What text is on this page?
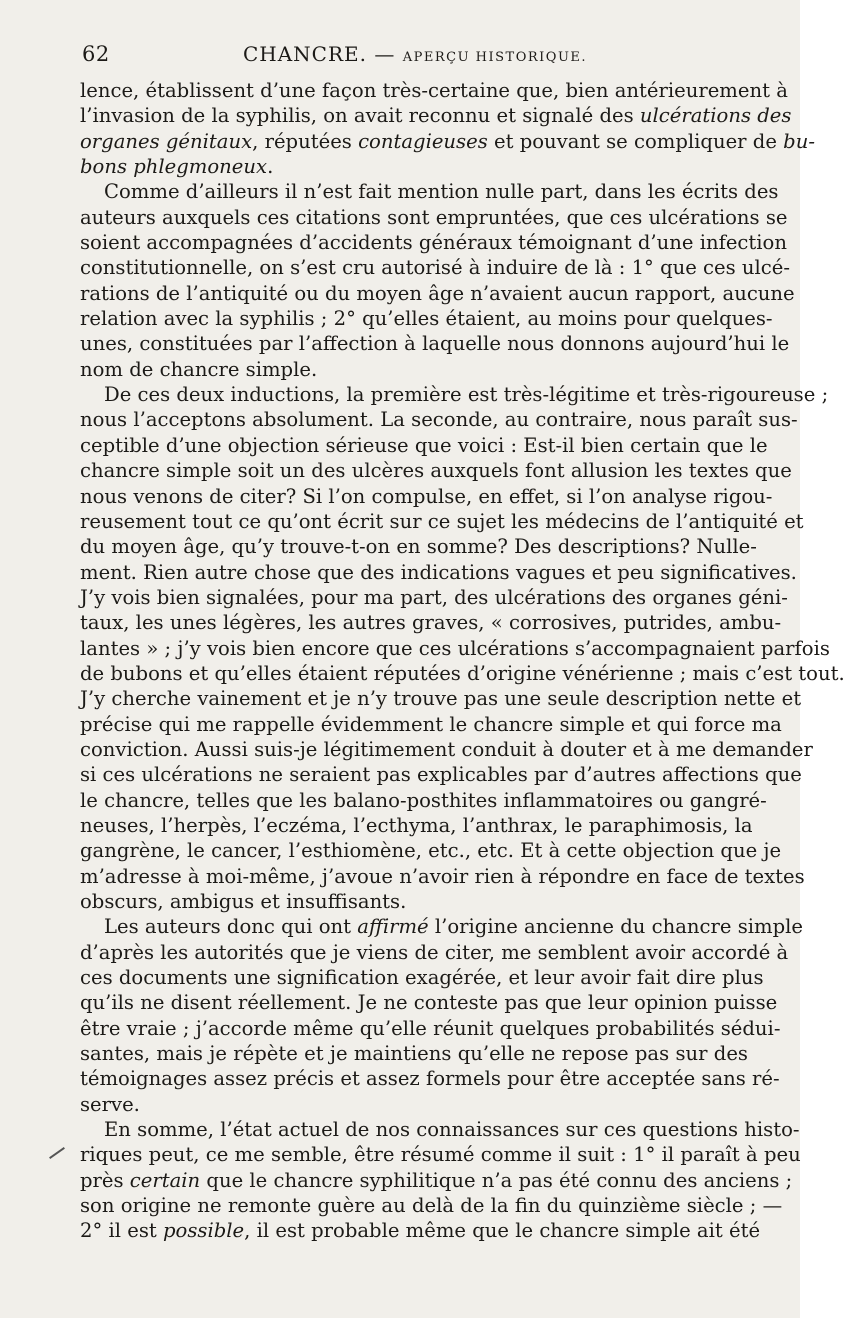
62	CHANCRE. — APERÇU HISTORIQUE.

lence, établissent d’une façon très-certaine que, bien antérieurement à
l’invasion de la syphilis, on avait reconnu et signalé des ulcérations des
organes génitaux, réputées contagieuses et pouvant se compliquer de bu-
bons phlegmoneux.

Comme d’ailleurs il n’est fait mention nulle part, dans les écrits des
auteurs auxquels ces citations sont empruntées, que ces ulcérations se
soient accompagnées d’accidents généraux témoignant d’une infection
constitutionnelle, on s’est cru autorisé à induire de là : 1° que ces ulcé-
rations de l’antiquité ou du moyen âge n’avaient aucun rapport, aucune
relation avec la syphilis ; 2° qu’elles étaient, au moins pour quelques-
unes, constituées par l’affection à laquelle nous donnons aujourd’hui le
nom de chancre simple.

De ces deux inductions, la première est très-légitime et très-rigoureuse ;
nous l’acceptons absolument. La seconde, au contraire, nous paraît sus-
ceptible d’une objection sérieuse que voici : Est-il bien certain que le
chancre simple soit un des ulcères auxquels font allusion les textes que
nous venons de citer? Si l’on compulse, en effet, si l’on analyse rigou-
reusement tout ce qu’ont écrit sur ce sujet les médecins de l’antiquité et
du moyen âge, qu’y trouve-t-on en somme? Des descriptions? Nulle-
ment. Rien autre chose que des indications vagues et peu significatives.
J’y vois bien signalées, pour ma part, des ulcérations des organes géni-
taux, les unes légères, les autres graves, « corrosives, putrides, ambu-
lantes » ; j’y vois bien encore que ces ulcérations s’accompagnaient parfois
de bubons et qu’elles étaient réputées d’origine vénérienne ; mais c’est tout.
J’y cherche vainement et je n’y trouve pas une seule description nette et
précise qui me rappelle évidemment le chancre simple et qui force ma
conviction. Aussi suis-je légitimement conduit à douter et à me demander
si ces ulcérations ne seraient pas explicables par d’autres affections que
le chancre, telles que les balano-posthites inflammatoires ou gangré-
neuses, l’herpès, l’eczéma, l’ecthyma, l’anthrax, le paraphimosis, la
gangrène, le cancer, l’esthiomène, etc., etc. Et à cette objection que je
m’adresse à moi-même, j’avoue n’avoir rien à répondre en face de textes
obscurs, ambigus et insuffisants.

Les auteurs donc qui ont affirmé l’origine ancienne du chancre simple
d’après les autorités que je viens de citer, me semblent avoir accordé à
ces documents une signification exagérée, et leur avoir fait dire plus
qu’ils ne disent réellement. Je ne conteste pas que leur opinion puisse
être vraie ; j’accorde même qu’elle réunit quelques probabilités sédui-
santes, mais je répète et je maintiens qu’elle ne repose pas sur des
témoignages assez précis et assez formels pour être acceptée sans ré-
serve.

En somme, l’état actuel de nos connaissances sur ces questions histo-
riques peut, ce me semble, être résumé comme il suit : 1° il paraît à peu
près certain que le chancre syphilitique n’a pas été connu des anciens ;
son origine ne remonte guère au delà de la fin du quinzième siècle ; —
2° il est possible, il est probable même que le chancre simple ait été
